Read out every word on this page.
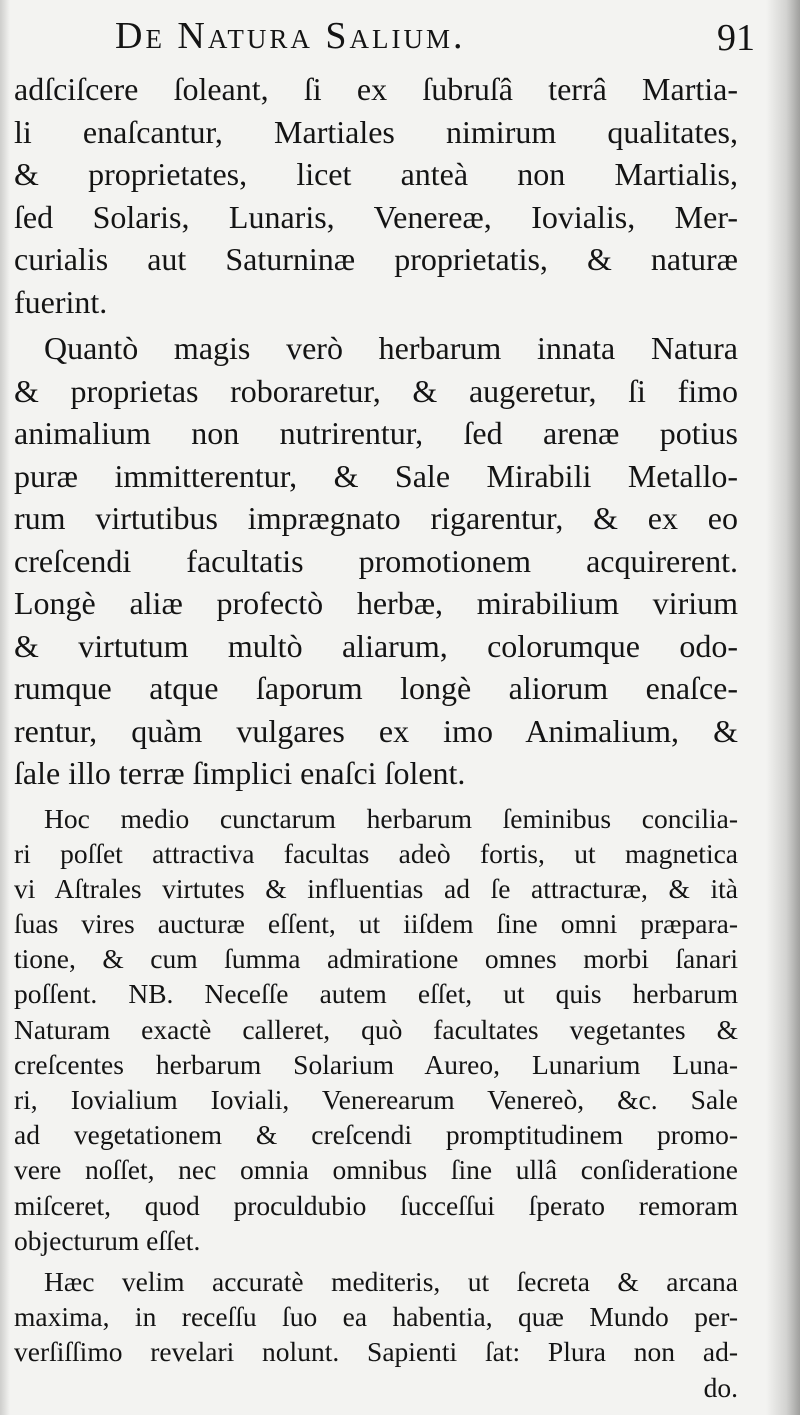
De Natura Salium.	91
adſciſcere ſoleant, ſi ex ſubruſâ terrâ Martia-
li enaſcantur, Martiales nimirum qualitates,
& proprietates, licet anteà non Martialis,
ſed Solaris, Lunaris, Venereæ, Iovialis, Mer-
curialis aut Saturninæ proprietatis, & naturæ
fuerint.
Quantò magis verò herbarum innata Natura
& proprietas roboraretur, & augeretur, ſi fimo
animalium non nutrirentur, ſed arenæ potius
puræ immitterentur, & Sale Mirabili Metallo-
rum virtutibus imprægnato rigarentur, & ex eo
creſcendi facultatis promotionem acquirerent.
Longè aliæ profectò herbæ, mirabilium virium
& virtutum multò aliarum, colorumque odo-
rumque atque ſaporum longè aliorum enaſce-
rentur, quàm vulgares ex imo Animalium, &
ſale illo terræ ſimplici enaſci ſolent.
Hoc medio cunctarum herbarum ſeminibus concilia-
ri poſſet attractiva facultas adeò fortis, ut magnetica
vi Aſtrales virtutes & influentias ad ſe attracturæ, & ità
ſuas vires aucturæ eſſent, ut iiſdem ſine omni præpara-
tione, & cum ſumma admiratione omnes morbi ſanari
poſſent. NB. Neceſſe autem eſſet, ut quis herbarum
Naturam exactè calleret, quò facultates vegetantes &
creſcentes herbarum Solarium Aureo, Lunarium Luna-
ri, Iovialium Ioviali, Venerearum Venereò, &c. Sale
ad vegetationem & creſcendi promptitudinem promo-
vere noſſet, nec omnia omnibus ſine ullâ conſideratione
miſceret, quod proculdubio ſucceſſui ſperato remoram
objecturum eſſet.
Hæc velim accuratè mediteris, ut ſecreta & arcana
maxima, in receſſu ſuo ea habentia, quæ Mundo per-
verſiſſimo revelari nolunt. Sapienti ſat: Plura non ad-
do.
